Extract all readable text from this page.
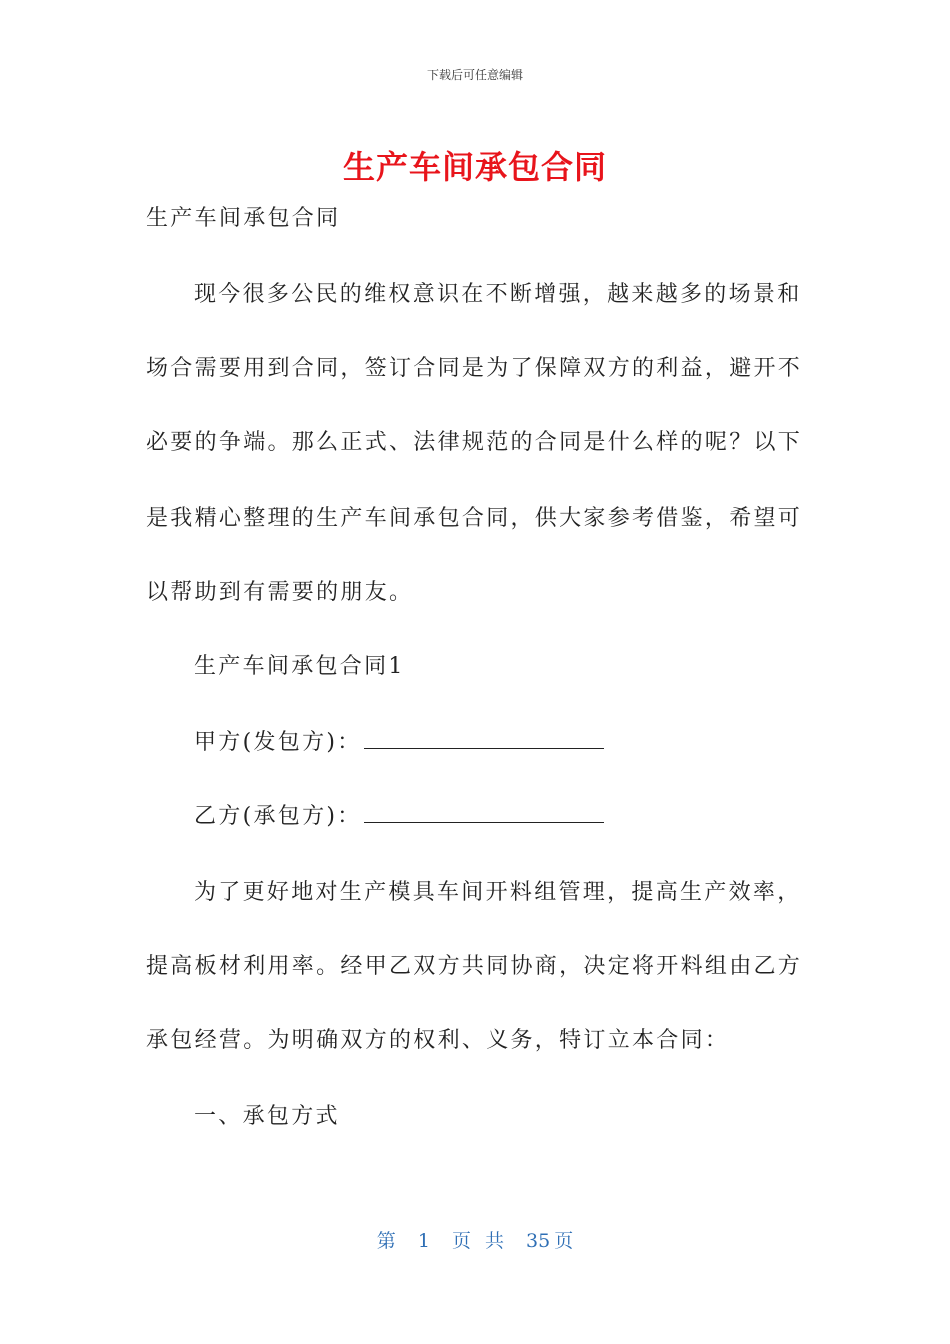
下载后可任意编辑
生产车间承包合同
生产车间承包合同
现今很多公民的维权意识在不断增强，越来越多的场景和
场合需要用到合同，签订合同是为了保障双方的利益，避开不
必要的争端。那么正式、法律规范的合同是什么样的呢？以下
是我精心整理的生产车间承包合同，供大家参考借鉴，希望可
以帮助到有需要的朋友。
生产车间承包合同1
甲方(发包方)：
乙方(承包方)：
为了更好地对生产模具车间开料组管理，提高生产效率，
提高板材利用率。经甲乙双方共同协商，决定将开料组由乙方
承包经营。为明确双方的权利、义务，特订立本合同：
一、承包方式
第 1 页 共 35 页
